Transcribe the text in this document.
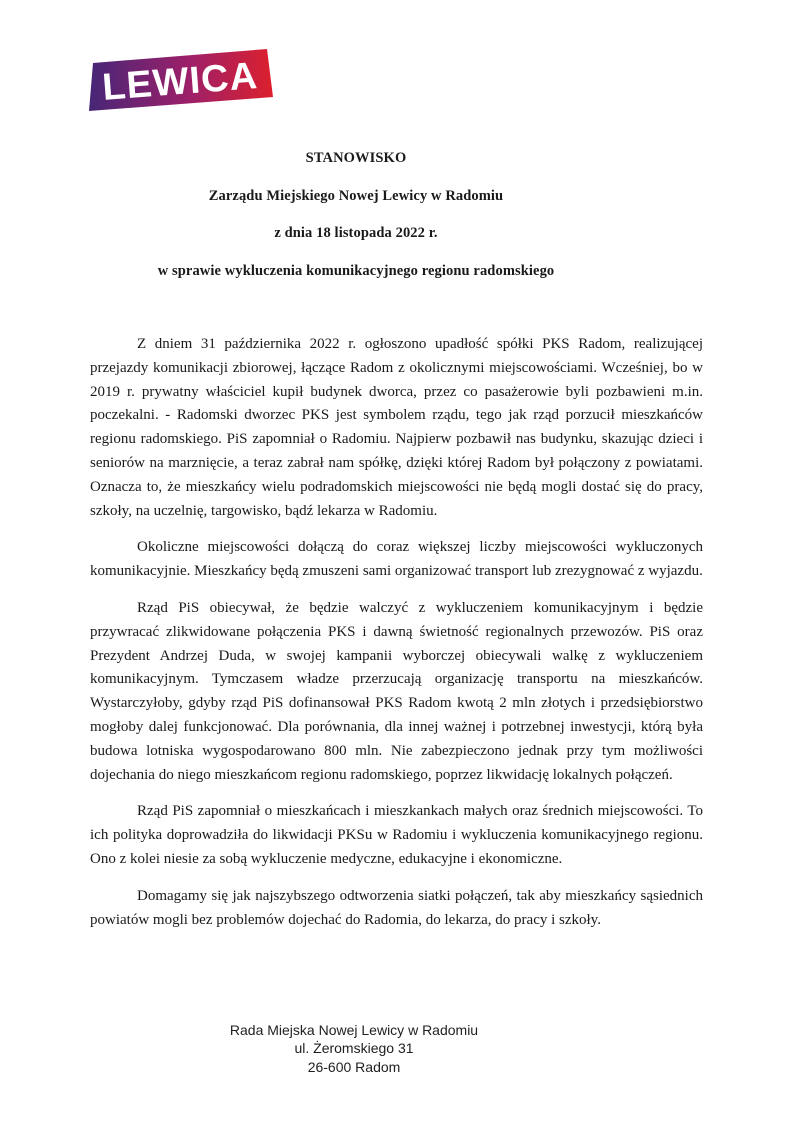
LEWICA
STANOWISKO
Zarządu Miejskiego Nowej Lewicy w Radomiu
z dnia 18 listopada 2022 r.
w sprawie wykluczenia komunikacyjnego regionu radomskiego

Z dniem 31 października 2022 r. ogłoszono upadłość spółki PKS Radom, realizującej przejazdy komunikacji zbiorowej, łączące Radom z okolicznymi miejscowościami. Wcześniej, bo w 2019 r. prywatny właściciel kupił budynek dworca, przez co pasażerowie byli pozbawieni m.in. poczekalni. - Radomski dworzec PKS jest symbolem rządu, tego jak rząd porzucił mieszkańców regionu radomskiego. PiS zapomniał o Radomiu. Najpierw pozbawił nas budynku, skazując dzieci i seniorów na marznięcie, a teraz zabrał nam spółkę, dzięki której Radom był połączony z powiatami. Oznacza to, że mieszkańcy wielu podradomskich miejscowości nie będą mogli dostać się do pracy, szkoły, na uczelnię, targowisko, bądź lekarza w Radomiu.

Okoliczne miejscowości dołączą do coraz większej liczby miejscowości wykluczonych komunikacyjnie. Mieszkańcy będą zmuszeni sami organizować transport lub zrezygnować z wyjazdu.

Rząd PiS obiecywał, że będzie walczyć z wykluczeniem komunikacyjnym i będzie przywracać zlikwidowane połączenia PKS i dawną świetność regionalnych przewozów. PiS oraz Prezydent Andrzej Duda, w swojej kampanii wyborczej obiecywali walkę z wykluczeniem komunikacyjnym. Tymczasem władze przerzucają organizację transportu na mieszkańców. Wystarczyłoby, gdyby rząd PiS dofinansował PKS Radom kwotą 2 mln złotych i przedsiębiorstwo mogłoby dalej funkcjonować. Dla porównania, dla innej ważnej i potrzebnej inwestycji, którą była budowa lotniska wygospodarowano 800 mln. Nie zabezpieczono jednak przy tym możliwości dojechania do niego mieszkańcom regionu radomskiego, poprzez likwidację lokalnych połączeń.

Rząd PiS zapomniał o mieszkańcach i mieszkankach małych oraz średnich miejscowości. To ich polityka doprowadziła do likwidacji PKSu w Radomiu i wykluczenia komunikacyjnego regionu. Ono z kolei niesie za sobą wykluczenie medyczne, edukacyjne i ekonomiczne.

Domagamy się jak najszybszego odtworzenia siatki połączeń, tak aby mieszkańcy sąsiednich powiatów mogli bez problemów dojechać do Radomia, do lekarza, do pracy i szkoły.

Rada Miejska Nowej Lewicy w Radomiu
ul. Żeromskiego 31
26-600 Radom
